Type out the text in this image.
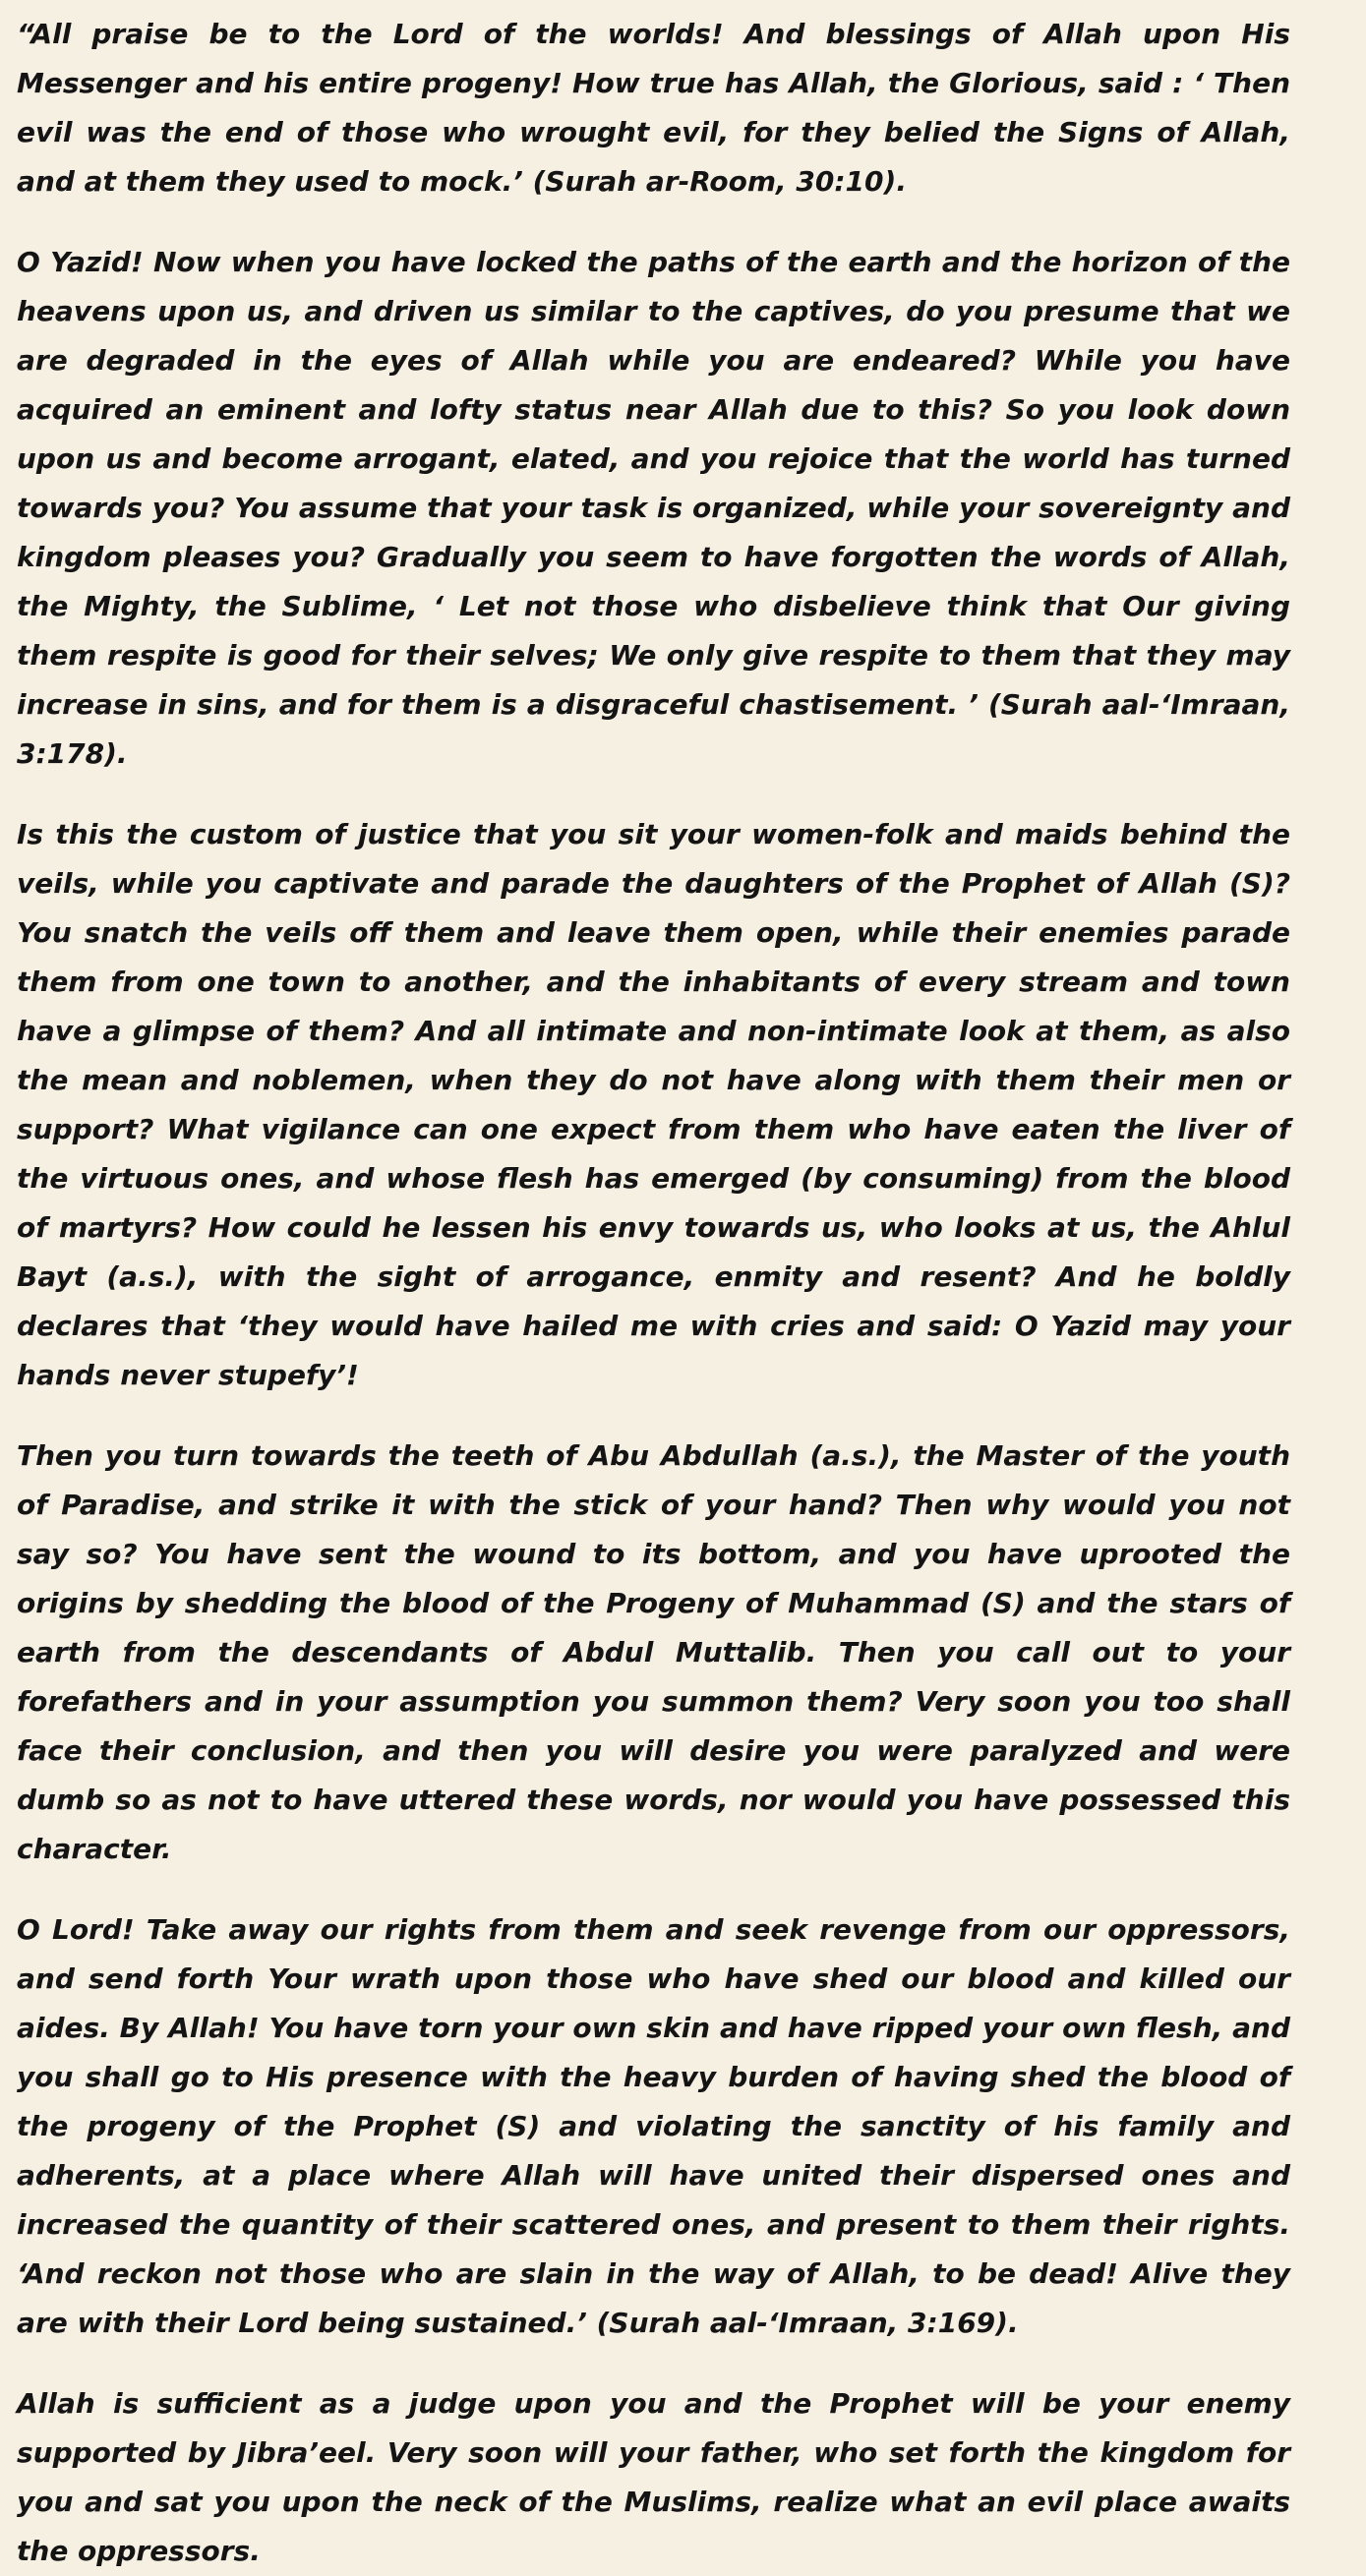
“All praise be to the Lord of the worlds! And blessings of Allah upon His Messenger and his entire progeny! How true has Allah, the Glorious, said : ‘ Then evil was the end of those who wrought evil, for they belied the Signs of Allah, and at them they used to mock.’ (Surah ar-Room, 30:10).

O Yazid! Now when you have locked the paths of the earth and the horizon of the heavens upon us, and driven us similar to the captives, do you presume that we are degraded in the eyes of Allah while you are endeared? While you have acquired an eminent and lofty status near Allah due to this? So you look down upon us and become arrogant, elated, and you rejoice that the world has turned towards you? You assume that your task is organized, while your sovereignty and kingdom pleases you? Gradually you seem to have forgotten the words of Allah, the Mighty, the Sublime, ‘ Let not those who disbelieve think that Our giving them respite is good for their selves; We only give respite to them that they may increase in sins, and for them is a disgraceful chastisement. ’ (Surah aal-‘Imraan, 3:178).

Is this the custom of justice that you sit your women-folk and maids behind the veils, while you captivate and parade the daughters of the Prophet of Allah (S)? You snatch the veils off them and leave them open, while their enemies parade them from one town to another, and the inhabitants of every stream and town have a glimpse of them? And all intimate and non-intimate look at them, as also the mean and noblemen, when they do not have along with them their men or support? What vigilance can one expect from them who have eaten the liver of the virtuous ones, and whose flesh has emerged (by consuming) from the blood of martyrs? How could he lessen his envy towards us, who looks at us, the Ahlul Bayt (a.s.), with the sight of arrogance, enmity and resent? And he boldly declares that ‘they would have hailed me with cries and said: O Yazid may your hands never stupefy’!

Then you turn towards the teeth of Abu Abdullah (a.s.), the Master of the youth of Paradise, and strike it with the stick of your hand? Then why would you not say so? You have sent the wound to its bottom, and you have uprooted the origins by shedding the blood of the Progeny of Muhammad (S) and the stars of earth from the descendants of Abdul Muttalib. Then you call out to your forefathers and in your assumption you summon them? Very soon you too shall face their conclusion, and then you will desire you were paralyzed and were dumb so as not to have uttered these words, nor would you have possessed this character.

O Lord! Take away our rights from them and seek revenge from our oppressors, and send forth Your wrath upon those who have shed our blood and killed our aides. By Allah! You have torn your own skin and have ripped your own flesh, and you shall go to His presence with the heavy burden of having shed the blood of the progeny of the Prophet (S) and violating the sanctity of his family and adherents, at a place where Allah will have united their dispersed ones and increased the quantity of their scattered ones, and present to them their rights. ‘And reckon not those who are slain in the way of Allah, to be dead! Alive they are with their Lord being sustained.’ (Surah aal-‘Imraan, 3:169).

Allah is sufficient as a judge upon you and the Prophet will be your enemy supported by Jibra’eel. Very soon will your father, who set forth the kingdom for you and sat you upon the neck of the Muslims, realize what an evil place awaits the oppressors.
